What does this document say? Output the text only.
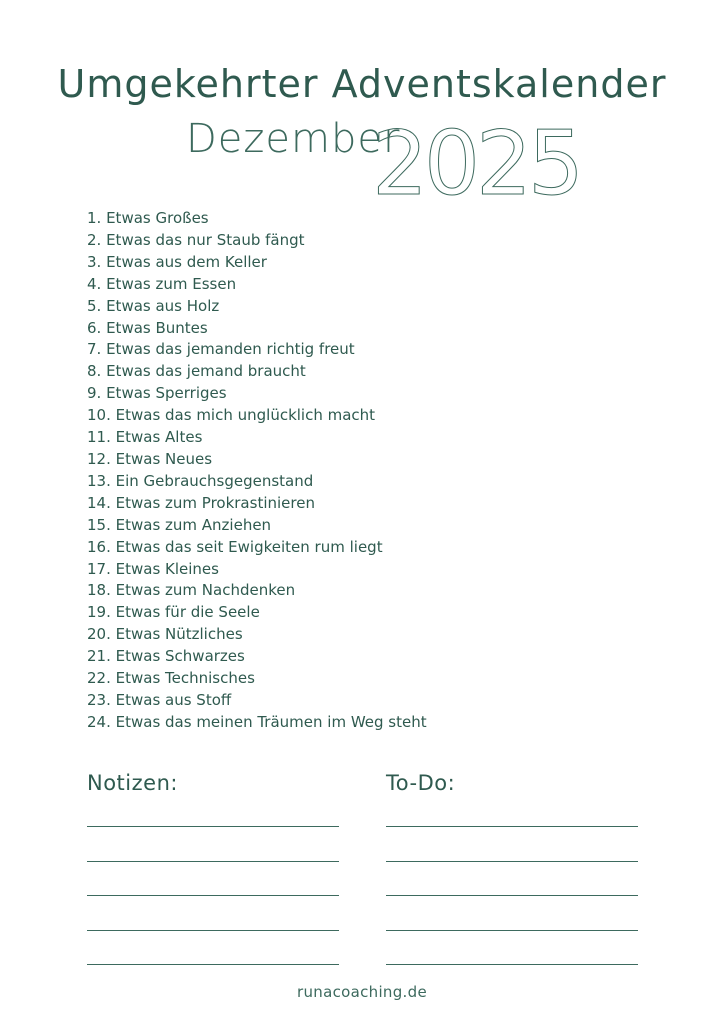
Umgekehrter Adventskalender
Dezember
2025
1. Etwas Großes
2. Etwas das nur Staub fängt
3. Etwas aus dem Keller
4. Etwas zum Essen
5. Etwas aus Holz
6. Etwas Buntes
7. Etwas das jemanden richtig freut
8. Etwas das jemand braucht
9. Etwas Sperriges
10. Etwas das mich unglücklich macht
11. Etwas Altes
12. Etwas Neues
13. Ein Gebrauchsgegenstand
14. Etwas zum Prokrastinieren
15. Etwas zum Anziehen
16. Etwas das seit Ewigkeiten rum liegt
17. Etwas Kleines
18. Etwas zum Nachdenken
19. Etwas für die Seele
20. Etwas Nützliches
21. Etwas Schwarzes
22. Etwas Technisches
23. Etwas aus Stoff
24. Etwas das meinen Träumen im Weg steht
Notizen:	To-Do:
runacoaching.de
